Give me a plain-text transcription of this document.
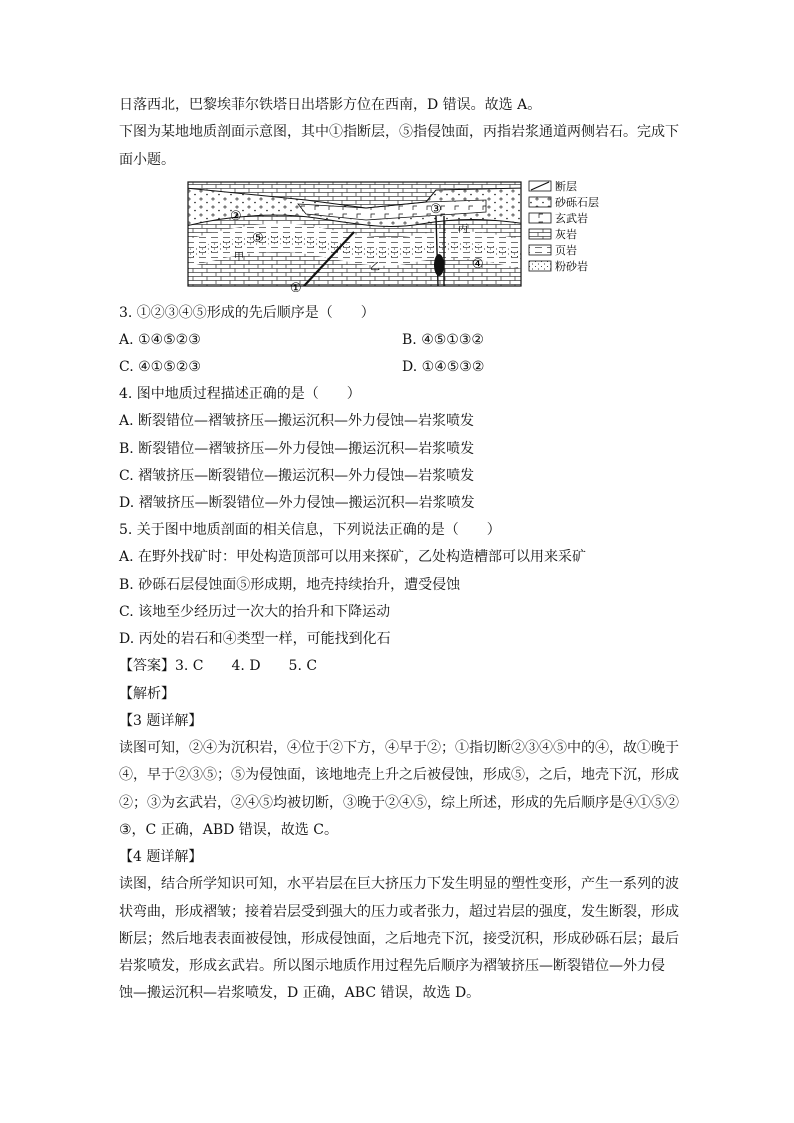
日落西北，巴黎埃菲尔铁塔日出塔影方位在西南，D 错误。故选 A。
下图为某地地质剖面示意图，其中①指断层，⑤指侵蚀面，丙指岩浆通道两侧岩石。完成下
面小题。
②
⑤
③
④
①
甲
乙
丙
断层
砂砾石层
玄武岩
灰岩
页岩
粉砂岩
3. ①②③④⑤形成的先后顺序是（　　）
A. ①④⑤②③	B. ④⑤①③②
C. ④①⑤②③	D. ①④⑤③②
4. 图中地质过程描述正确的是（　　）
A. 断裂错位—褶皱挤压—搬运沉积—外力侵蚀—岩浆喷发
B. 断裂错位—褶皱挤压—外力侵蚀—搬运沉积—岩浆喷发
C. 褶皱挤压—断裂错位—搬运沉积—外力侵蚀—岩浆喷发
D. 褶皱挤压—断裂错位—外力侵蚀—搬运沉积—岩浆喷发
5. 关于图中地质剖面的相关信息，下列说法正确的是（　　）
A. 在野外找矿时：甲处构造顶部可以用来探矿，乙处构造槽部可以用来采矿
B. 砂砾石层侵蚀面⑤形成期，地壳持续抬升，遭受侵蚀
C. 该地至少经历过一次大的抬升和下降运动
D. 丙处的岩石和④类型一样，可能找到化石
【答案】3. C　　4. D　　5. C
【解析】
【3 题详解】
读图可知，②④为沉积岩，④位于②下方，④早于②；①指切断②③④⑤中的④，故①晚于
④，早于②③⑤；⑤为侵蚀面，该地地壳上升之后被侵蚀，形成⑤，之后，地壳下沉，形成
②；③为玄武岩，②④⑤均被切断，③晚于②④⑤，综上所述，形成的先后顺序是④①⑤②
③，C 正确，ABD 错误，故选 C。
【4 题详解】
读图，结合所学知识可知，水平岩层在巨大挤压力下发生明显的塑性变形，产生一系列的波
状弯曲，形成褶皱；接着岩层受到强大的压力或者张力，超过岩层的强度，发生断裂，形成
断层；然后地表表面被侵蚀，形成侵蚀面，之后地壳下沉，接受沉积，形成砂砾石层；最后
岩浆喷发，形成玄武岩。所以图示地质作用过程先后顺序为褶皱挤压—断裂错位—外力侵
蚀—搬运沉积—岩浆喷发，D 正确，ABC 错误，故选 D。
